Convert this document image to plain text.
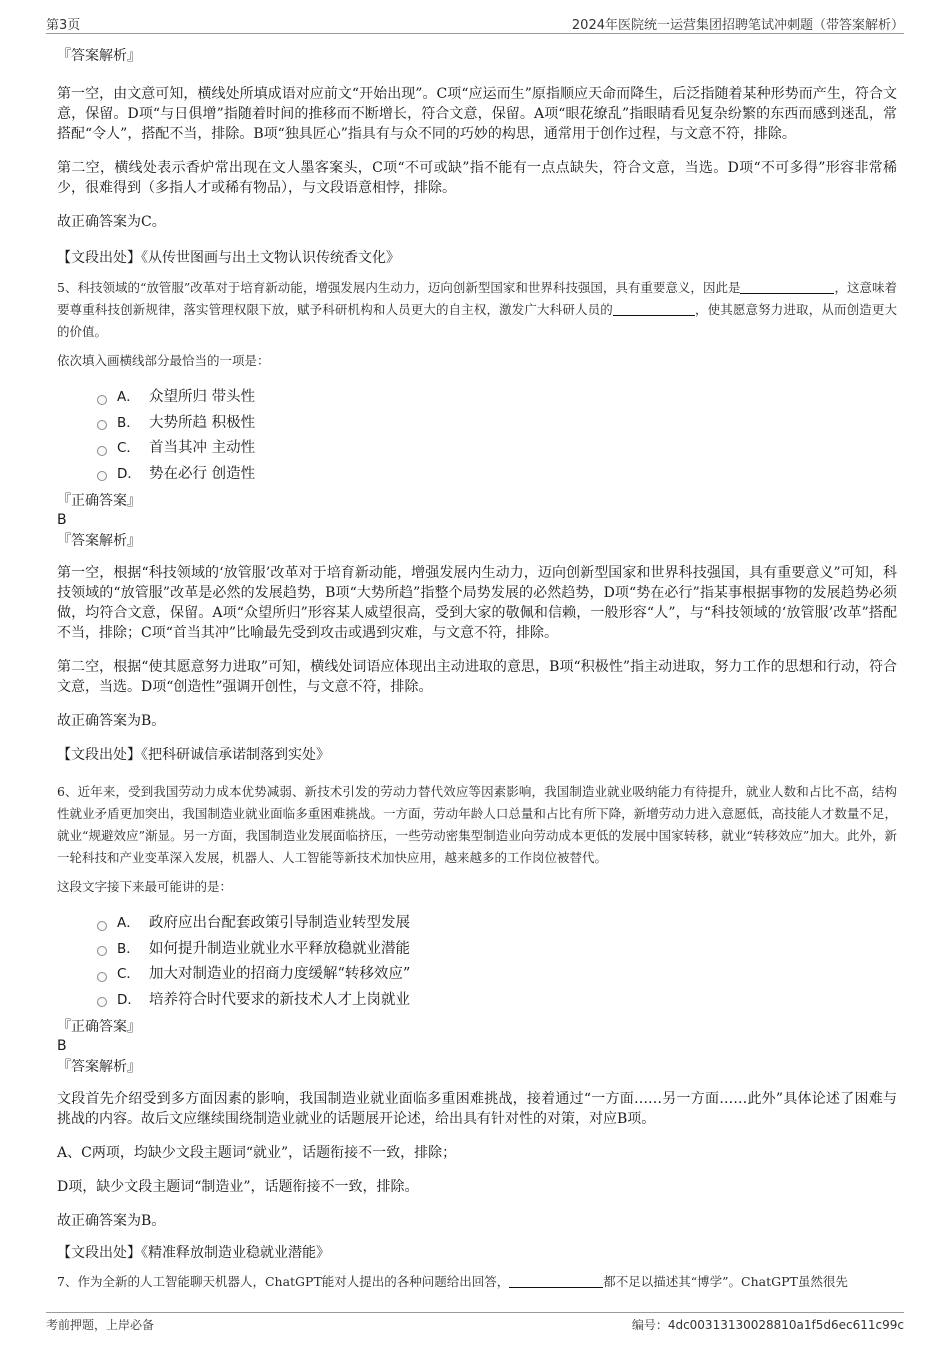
第3页	2024年医院统一运营集团招聘笔试冲刺题（带答案解析）
『答案解析』
第一空，由文意可知，横线处所填成语对应前文“开始出现”。C项“应运而生”原指顺应天命而降生，后泛指随着某种形势而产生，符合文意，保留。D项“与日俱增”指随着时间的推移而不断增长，符合文意，保留。A项“眼花缭乱”指眼睛看见复杂纷繁的东西而感到迷乱，常搭配“令人”，搭配不当，排除。B项“独具匠心”指具有与众不同的巧妙的构思，通常用于创作过程，与文意不符，排除。
第二空，横线处表示香炉常出现在文人墨客案头，C项“不可或缺”指不能有一点点缺失，符合文意，当选。D项“不可多得”形容非常稀少，很难得到（多指人才或稀有物品），与文段语意相悖，排除。
故正确答案为C。
【文段出处】《从传世图画与出土文物认识传统香文化》
5、科技领域的“放管服”改革对于培育新动能，增强发展内生动力，迈向创新型国家和世界科技强国，具有重要意义，因此是	，这意味着要尊重科技创新规律，落实管理权限下放，赋予科研机构和人员更大的自主权，激发广大科研人员的	，使其愿意努力进取，从而创造更大的价值。
依次填入画横线部分最恰当的一项是：
A． 众望所归 带头性
B． 大势所趋 积极性
C． 首当其冲 主动性
D． 势在必行 创造性
『正确答案』
B
『答案解析』
第一空，根据“科技领域的‘放管服’改革对于培育新动能，增强发展内生动力，迈向创新型国家和世界科技强国，具有重要意义”可知，科技领域的“放管服”改革是必然的发展趋势，B项“大势所趋”指整个局势发展的必然趋势，D项“势在必行”指某事根据事物的发展趋势必须做，均符合文意，保留。A项“众望所归”形容某人威望很高，受到大家的敬佩和信赖，一般形容“人”，与“科技领域的‘放管服’改革”搭配不当，排除；C项“首当其冲”比喻最先受到攻击或遇到灾难，与文意不符，排除。
第二空，根据“使其愿意努力进取”可知，横线处词语应体现出主动进取的意思，B项“积极性”指主动进取，努力工作的思想和行动，符合文意，当选。D项“创造性”强调开创性，与文意不符，排除。
故正确答案为B。
【文段出处】《把科研诚信承诺制落到实处》
6、近年来，受到我国劳动力成本优势减弱、新技术引发的劳动力替代效应等因素影响，我国制造业就业吸纳能力有待提升，就业人数和占比不高，结构性就业矛盾更加突出，我国制造业就业面临多重困难挑战。一方面，劳动年龄人口总量和占比有所下降，新增劳动力进入意愿低，高技能人才数量不足，就业“规避效应”渐显。另一方面，我国制造业发展面临挤压，一些劳动密集型制造业向劳动成本更低的发展中国家转移，就业“转移效应”加大。此外，新一轮科技和产业变革深入发展，机器人、人工智能等新技术加快应用，越来越多的工作岗位被替代。
这段文字接下来最可能讲的是：
A． 政府应出台配套政策引导制造业转型发展
B． 如何提升制造业就业水平释放稳就业潜能
C． 加大对制造业的招商力度缓解“转移效应”
D． 培养符合时代要求的新技术人才上岗就业
『正确答案』
B
『答案解析』
文段首先介绍受到多方面因素的影响，我国制造业就业面临多重困难挑战，接着通过“一方面……另一方面……此外”具体论述了困难与挑战的内容。故后文应继续围绕制造业就业的话题展开论述，给出具有针对性的对策，对应B项。
A、C两项，均缺少文段主题词“就业”，话题衔接不一致，排除；
D项，缺少文段主题词“制造业”，话题衔接不一致，排除。
故正确答案为B。
【文段出处】《精准释放制造业稳就业潜能》
7、作为全新的人工智能聊天机器人，ChatGPT能对人提出的各种问题给出回答，	都不足以描述其“博学”。ChatGPT虽然很先
考前押题，上岸必备	编号：4dc00313130028810a1f5d6ec611c99c
